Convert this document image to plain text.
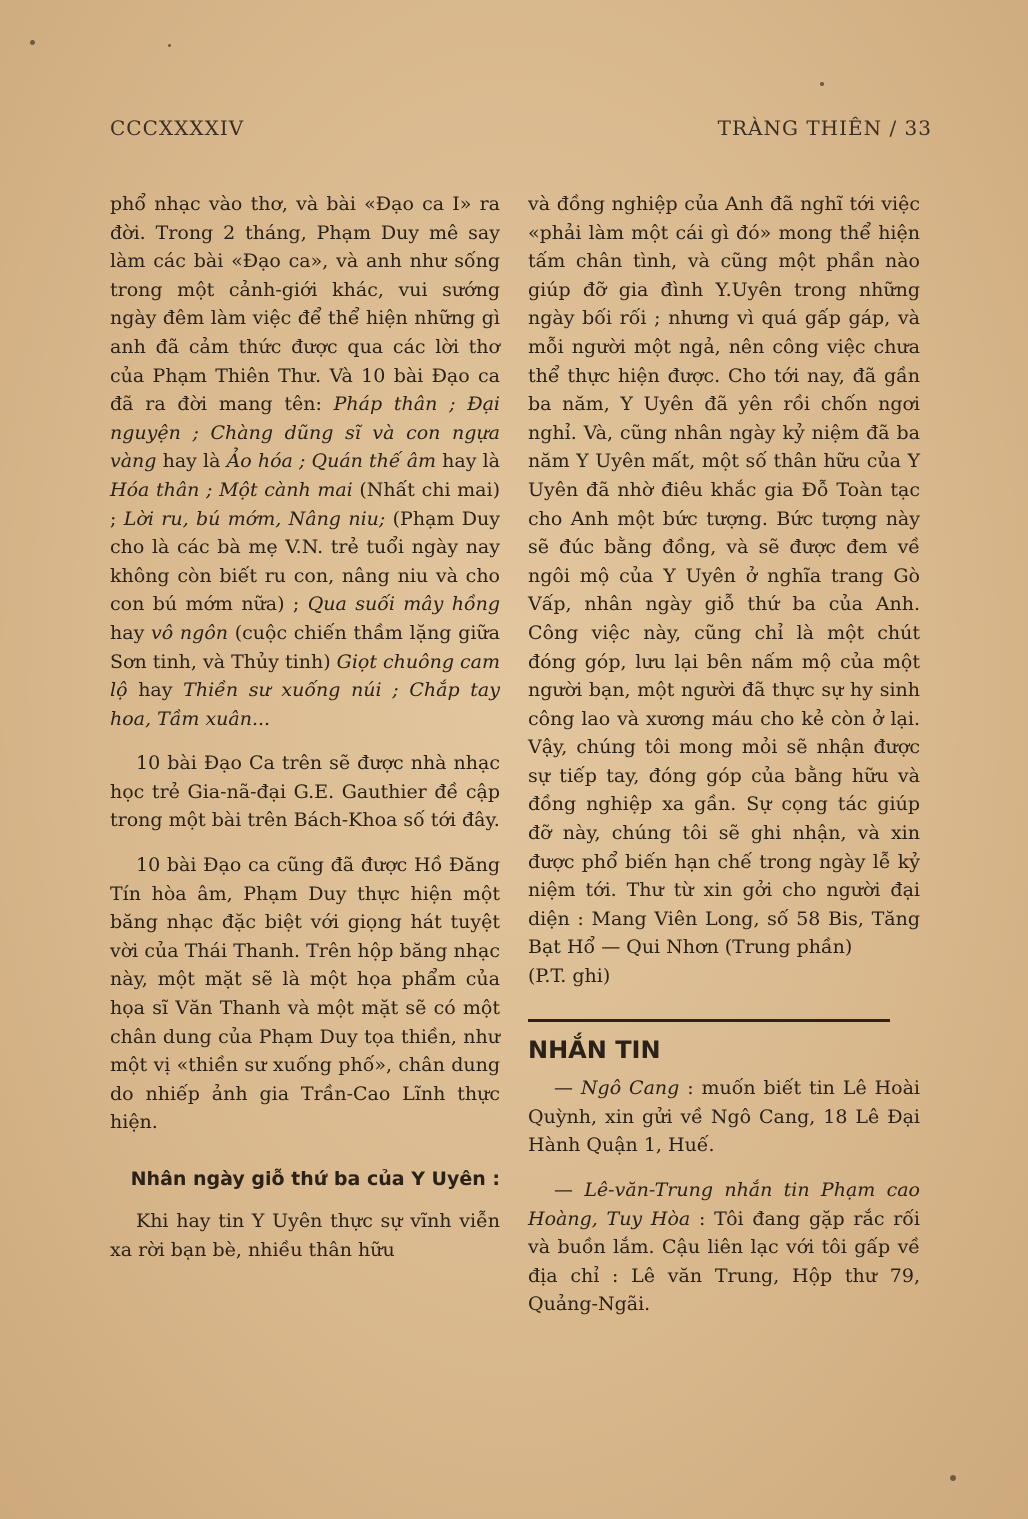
CCCXXXXIV	TRÀNG THIÊN / 33

phổ nhạc vào thơ, và bài «Đạo ca I» ra đời. Trong 2 tháng, Phạm Duy mê say làm các bài «Đạo ca», và anh như sống trong một cảnh-giới khác, vui sướng ngày đêm làm việc để thể hiện những gì anh đã cảm thức được qua các lời thơ của Phạm Thiên Thư. Và 10 bài Đạo ca đã ra đời mang tên: Pháp thân ; Đại nguyện ; Chàng dũng sĩ và con ngựa vàng hay là Ảo hóa ; Quán thế âm hay là Hóa thân ; Một cành mai (Nhất chi mai) ; Lời ru, bú mớm, Nâng niu; (Phạm Duy cho là các bà mẹ V.N. trẻ tuổi ngày nay không còn biết ru con, nâng niu và cho con bú mớm nữa) ; Qua suối mây hồng hay vô ngôn (cuộc chiến thầm lặng giữa Sơn tinh, và Thủy tinh) Giọt chuông cam lộ hay Thiền sư xuống núi ; Chắp tay hoa, Tầm xuân...

10 bài Đạo Ca trên sẽ được nhà nhạc học trẻ Gia-nã-đại G.E. Gauthier đề cập trong một bài trên Bách-Khoa số tới đây.

10 bài Đạo ca cũng đã được Hồ Đăng Tín hòa âm, Phạm Duy thực hiện một băng nhạc đặc biệt với giọng hát tuyệt vời của Thái Thanh. Trên hộp băng nhạc này, một mặt sẽ là một họa phẩm của họa sĩ Văn Thanh và một mặt sẽ có một chân dung của Phạm Duy tọa thiền, như một vị «thiền sư xuống phố», chân dung do nhiếp ảnh gia Trần-Cao Lĩnh thực hiện.

Nhân ngày giỗ thứ ba của Y Uyên :

Khi hay tin Y Uyên thực sự vĩnh viễn xa rời bạn bè, nhiều thân hữu

và đồng nghiệp của Anh đã nghĩ tới việc «phải làm một cái gì đó» mong thể hiện tấm chân tình, và cũng một phần nào giúp đỡ gia đình Y.Uyên trong những ngày bối rối ; nhưng vì quá gấp gáp, và mỗi người một ngả, nên công việc chưa thể thực hiện được. Cho tới nay, đã gần ba năm, Y Uyên đã yên rồi chốn ngơi nghỉ. Và, cũng nhân ngày kỷ niệm đã ba năm Y Uyên mất, một số thân hữu của Y Uyên đã nhờ điêu khắc gia Đỗ Toàn tạc cho Anh một bức tượng. Bức tượng này sẽ đúc bằng đồng, và sẽ được đem về ngôi mộ của Y Uyên ở nghĩa trang Gò Vấp, nhân ngày giỗ thứ ba của Anh. Công việc này, cũng chỉ là một chút đóng góp, lưu lại bên nấm mộ của một người bạn, một người đã thực sự hy sinh công lao và xương máu cho kẻ còn ở lại. Vậy, chúng tôi mong mỏi sẽ nhận được sự tiếp tay, đóng góp của bằng hữu và đồng nghiệp xa gần. Sự cọng tác giúp đỡ này, chúng tôi sẽ ghi nhận, và xin được phổ biến hạn chế trong ngày lễ kỷ niệm tới. Thư từ xin gởi cho người đại diện : Mang Viên Long, số 58 Bis, Tăng Bạt Hổ — Qui Nhơn (Trung phần)

(P.T. ghi)

NHẮN TIN

— Ngô Cang : muốn biết tin Lê Hoài Quỳnh, xin gửi về Ngô Cang, 18 Lê Đại Hành Quận 1, Huế.

— Lê-văn-Trung nhắn tin Phạm cao Hoàng, Tuy Hòa : Tôi đang gặp rắc rối và buồn lắm. Cậu liên lạc với tôi gấp về địa chỉ : Lê văn Trung, Hộp thư 79, Quảng-Ngãi.
